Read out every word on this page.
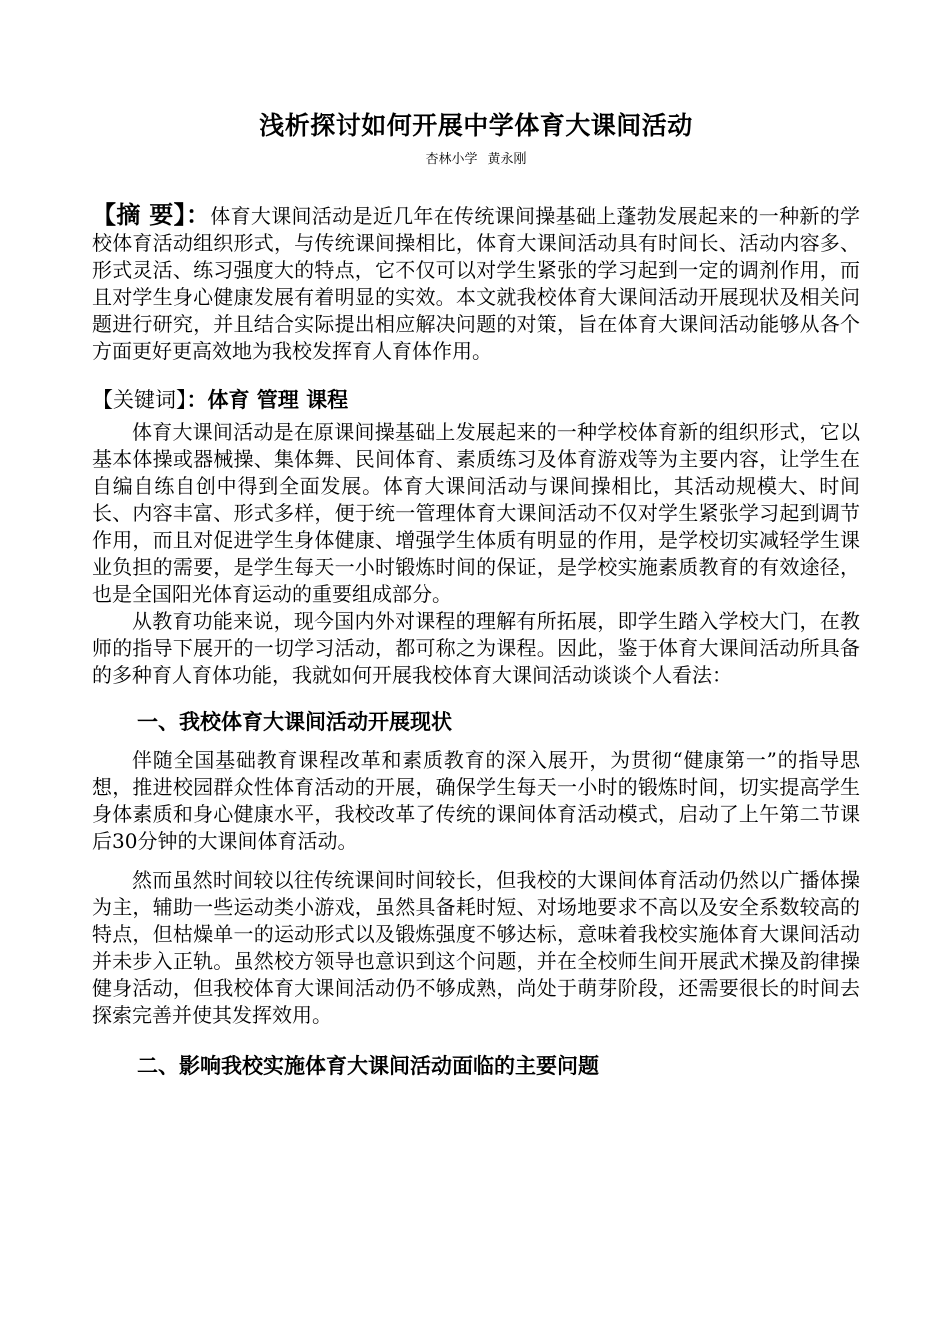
浅析探讨如何开展中学体育大课间活动
杏林小学 黄永刚

【摘 要】：体育大课间活动是近几年在传统课间操基础上蓬勃发展起来的一种新的学校体育活动组织形式，与传统课间操相比，体育大课间活动具有时间长、活动内容多、形式灵活、练习强度大的特点，它不仅可以对学生紧张的学习起到一定的调剂作用，而且对学生身心健康发展有着明显的实效。本文就我校体育大课间活动开展现状及相关问题进行研究，并且结合实际提出相应解决问题的对策，旨在体育大课间活动能够从各个方面更好更高效地为我校发挥育人育体作用。

【关键词】：体育 管理 课程

体育大课间活动是在原课间操基础上发展起来的一种学校体育新的组织形式，它以基本体操或器械操、集体舞、民间体育、素质练习及体育游戏等为主要内容，让学生在自编自练自创中得到全面发展。体育大课间活动与课间操相比，其活动规模大、时间长、内容丰富、形式多样，便于统一管理体育大课间活动不仅对学生紧张学习起到调节作用，而且对促进学生身体健康、增强学生体质有明显的作用，是学校切实减轻学生课业负担的需要，是学生每天一小时锻炼时间的保证，是学校实施素质教育的有效途径，也是全国阳光体育运动的重要组成部分。

从教育功能来说，现今国内外对课程的理解有所拓展，即学生踏入学校大门，在教师的指导下展开的一切学习活动，都可称之为课程。因此，鉴于体育大课间活动所具备的多种育人育体功能，我就如何开展我校体育大课间活动谈谈个人看法：

一、我校体育大课间活动开展现状

伴随全国基础教育课程改革和素质教育的深入展开，为贯彻“健康第一”的指导思想，推进校园群众性体育活动的开展，确保学生每天一小时的锻炼时间，切实提高学生身体素质和身心健康水平，我校改革了传统的课间体育活动模式，启动了上午第二节课后30分钟的大课间体育活动。

然而虽然时间较以往传统课间时间较长，但我校的大课间体育活动仍然以广播体操为主，辅助一些运动类小游戏，虽然具备耗时短、对场地要求不高以及安全系数较高的特点，但枯燥单一的运动形式以及锻炼强度不够达标，意味着我校实施体育大课间活动并未步入正轨。虽然校方领导也意识到这个问题，并在全校师生间开展武术操及韵律操健身活动，但我校体育大课间活动仍不够成熟，尚处于萌芽阶段，还需要很长的时间去探索完善并使其发挥效用。

二、影响我校实施体育大课间活动面临的主要问题
